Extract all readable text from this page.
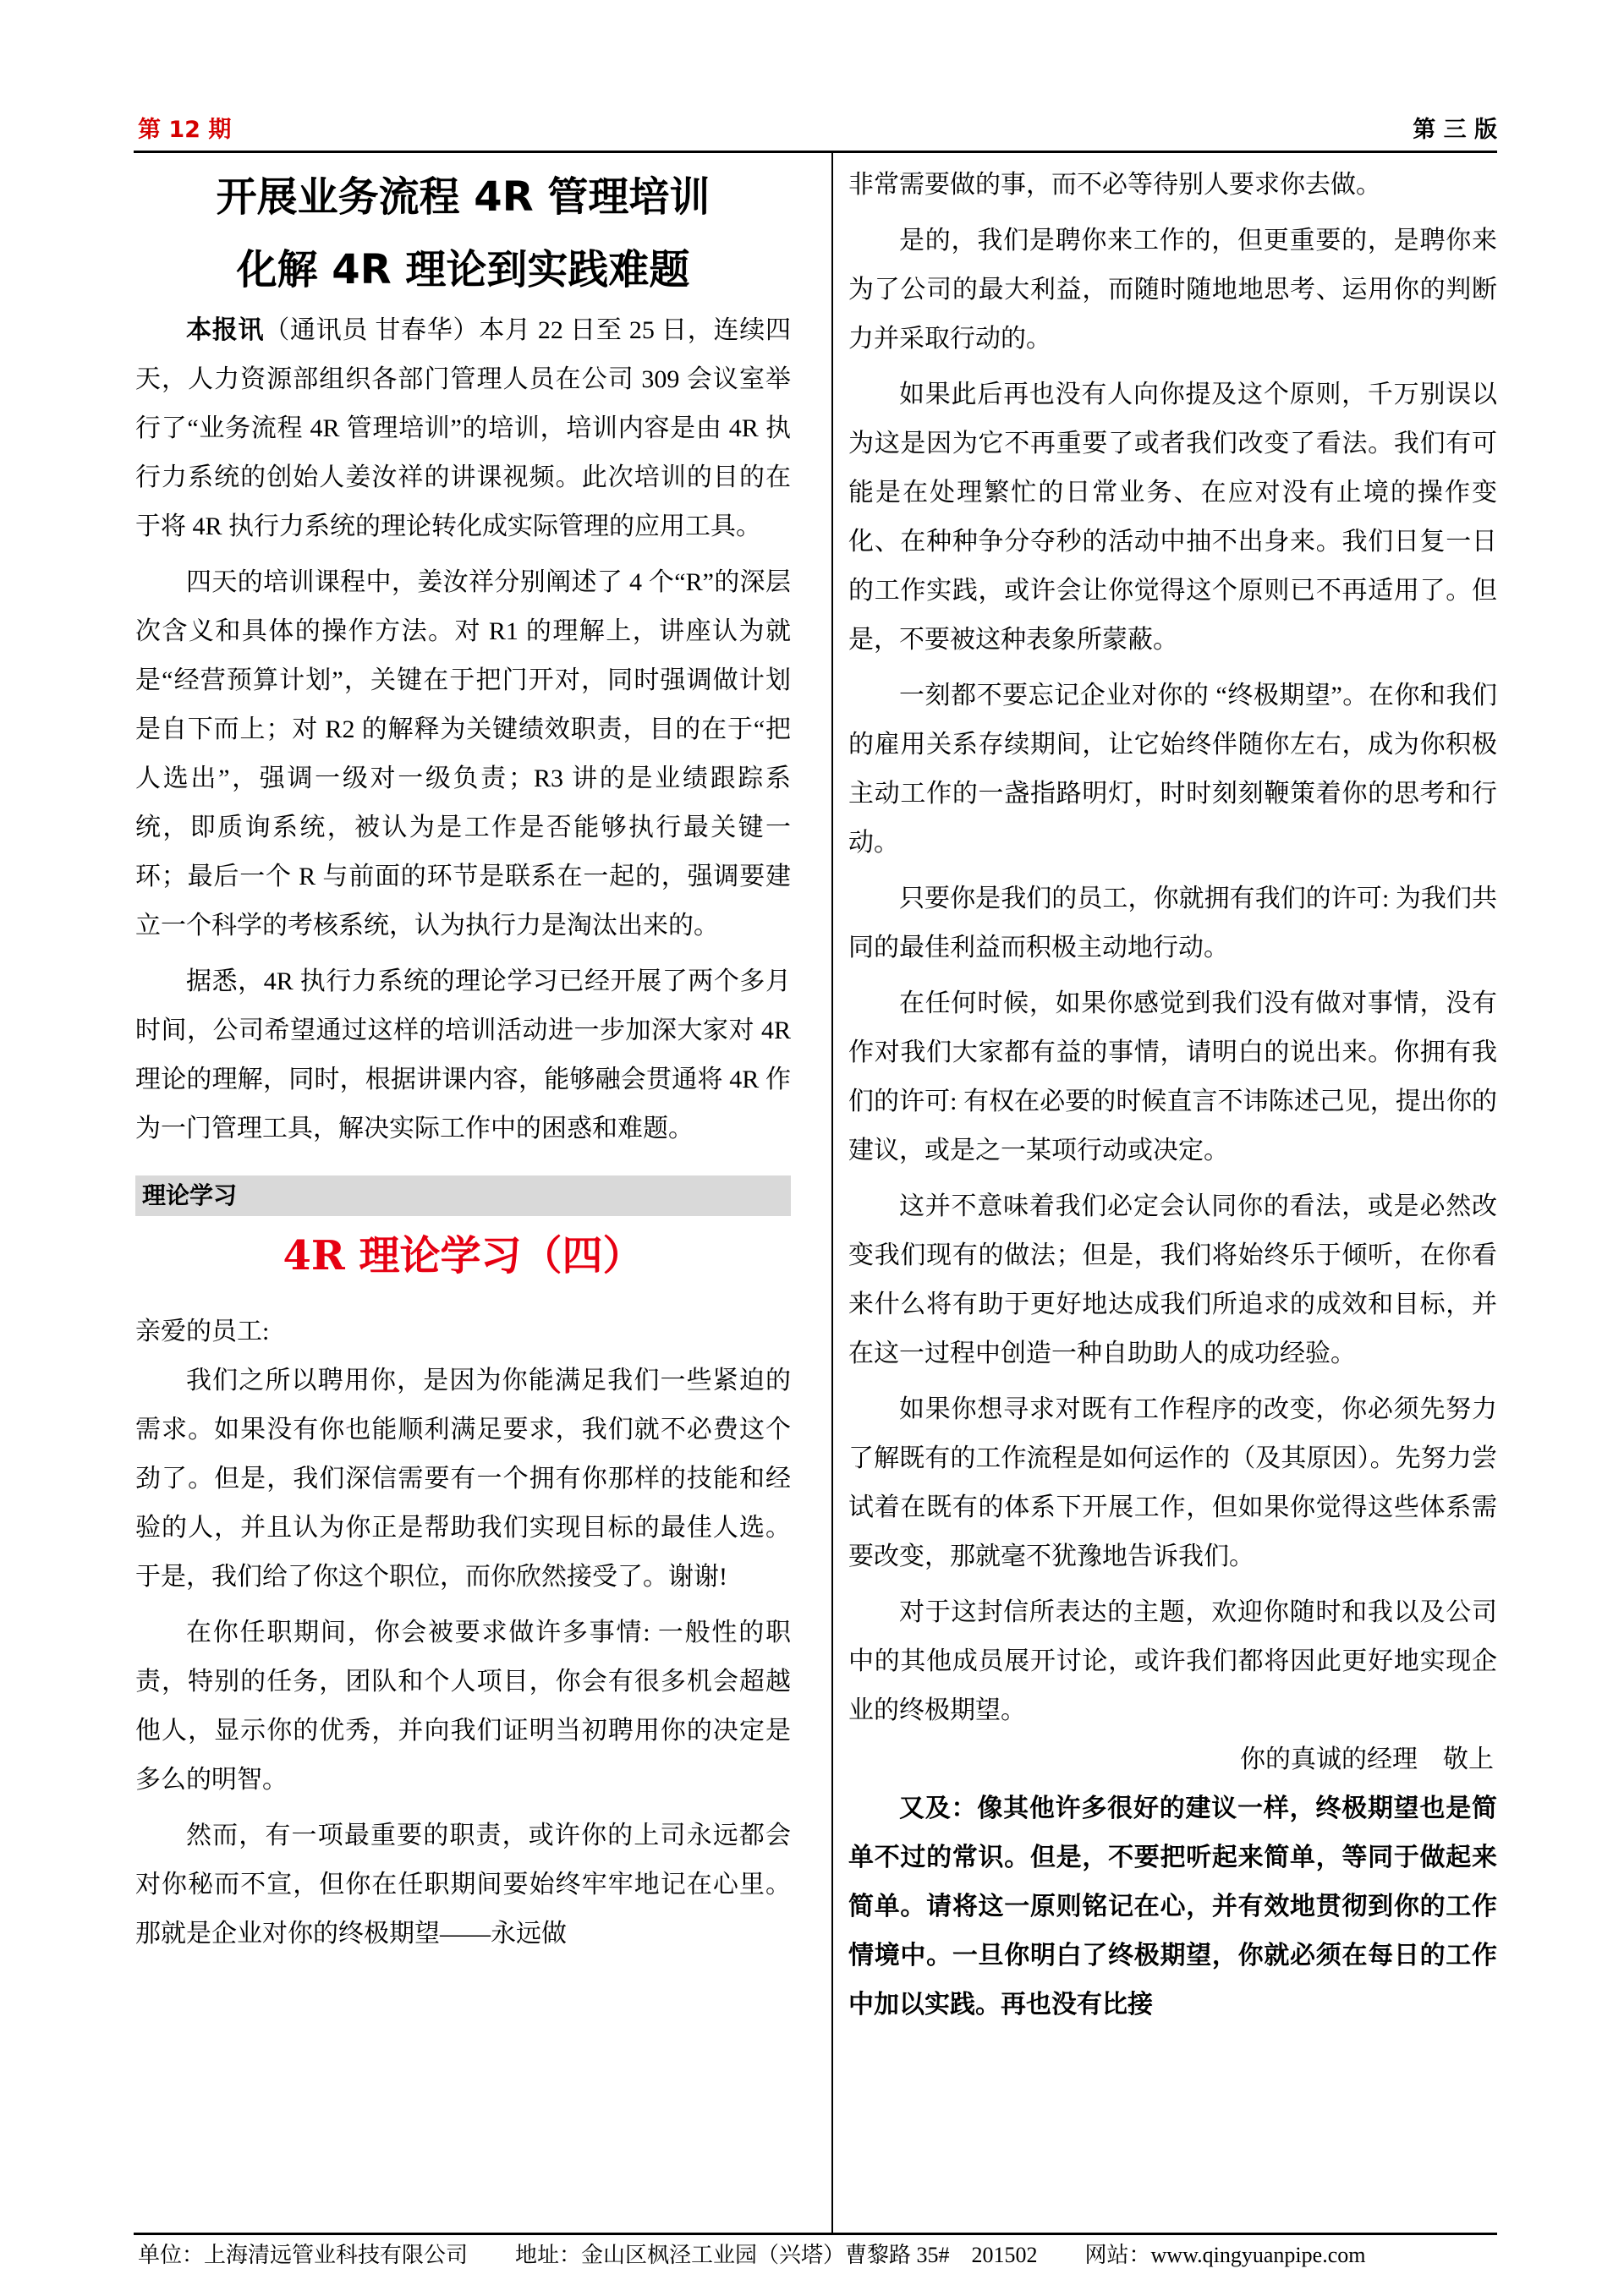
第 12 期	第 三 版
开展业务流程 4R 管理培训
化解 4R 理论到实践难题

本报讯（通讯员 甘春华）本月 22 日至 25 日，连续四天，人力资源部组织各部门管理人员在公司 309 会议室举行了“业务流程 4R 管理培训”的培训，培训内容是由 4R 执行力系统的创始人姜汝祥的讲课视频。此次培训的目的在于将 4R 执行力系统的理论转化成实际管理的应用工具。

四天的培训课程中，姜汝祥分别阐述了 4 个“R”的深层次含义和具体的操作方法。对 R1 的理解上，讲座认为就是“经营预算计划”，关键在于把门开对，同时强调做计划是自下而上；对 R2 的解释为关键绩效职责，目的在于“把人选出”，强调一级对一级负责；R3 讲的是业绩跟踪系统，即质询系统，被认为是工作是否能够执行最关键一环；最后一个 R 与前面的环节是联系在一起的，强调要建立一个科学的考核系统，认为执行力是淘汰出来的。

据悉，4R 执行力系统的理论学习已经开展了两个多月时间，公司希望通过这样的培训活动进一步加深大家对 4R 理论的理解，同时，根据讲课内容，能够融会贯通将 4R 作为一门管理工具，解决实际工作中的困惑和难题。

理论学习
4R 理论学习（四）

亲爱的员工:

我们之所以聘用你，是因为你能满足我们一些紧迫的需求。如果没有你也能顺利满足要求，我们就不必费这个劲了。但是，我们深信需要有一个拥有你那样的技能和经验的人，并且认为你正是帮助我们实现目标的最佳人选。于是，我们给了你这个职位，而你欣然接受了。谢谢!

在你任职期间，你会被要求做许多事情: 一般性的职责，特别的任务，团队和个人项目，你会有很多机会超越他人，显示你的优秀，并向我们证明当初聘用你的决定是多么的明智。

然而，有一项最重要的职责，或许你的上司永远都会对你秘而不宣，但你在任职期间要始终牢牢地记在心里。那就是企业对你的终极期望——永远做

非常需要做的事，而不必等待别人要求你去做。

是的，我们是聘你来工作的，但更重要的，是聘你来为了公司的最大利益，而随时随地地思考、运用你的判断力并采取行动的。

如果此后再也没有人向你提及这个原则，千万别误以为这是因为它不再重要了或者我们改变了看法。我们有可能是在处理繁忙的日常业务、在应对没有止境的操作变化、在种种争分夺秒的活动中抽不出身来。我们日复一日的工作实践，或许会让你觉得这个原则已不再适用了。但是，不要被这种表象所蒙蔽。

一刻都不要忘记企业对你的 “终极期望”。在你和我们的雇用关系存续期间，让它始终伴随你左右，成为你积极主动工作的一盏指路明灯，时时刻刻鞭策着你的思考和行动。

只要你是我们的员工，你就拥有我们的许可: 为我们共同的最佳利益而积极主动地行动。

在任何时候，如果你感觉到我们没有做对事情，没有作对我们大家都有益的事情，请明白的说出来。你拥有我们的许可: 有权在必要的时候直言不讳陈述己见，提出你的建议，或是之一某项行动或决定。

这并不意味着我们必定会认同你的看法，或是必然改变我们现有的做法；但是，我们将始终乐于倾听，在你看来什么将有助于更好地达成我们所追求的成效和目标，并在这一过程中创造一种自助助人的成功经验。

如果你想寻求对既有工作程序的改变，你必须先努力了解既有的工作流程是如何运作的（及其原因）。先努力尝试着在既有的体系下开展工作，但如果你觉得这些体系需要改变，那就毫不犹豫地告诉我们。

对于这封信所表达的主题，欢迎你随时和我以及公司中的其他成员展开讨论，或许我们都将因此更好地实现企业的终极期望。

你的真诚的经理　敬上

又及：像其他许多很好的建议一样，终极期望也是简单不过的常识。但是，不要把听起来简单，等同于做起来简单。请将这一原则铭记在心，并有效地贯彻到你的工作情境中。一旦你明白了终极期望，你就必须在每日的工作中加以实践。再也没有比接

单位：上海清远管业科技有限公司 地址：金山区枫泾工业园（兴塔）曹黎路 35#　201502 网站：www.qingyuanpipe.com
